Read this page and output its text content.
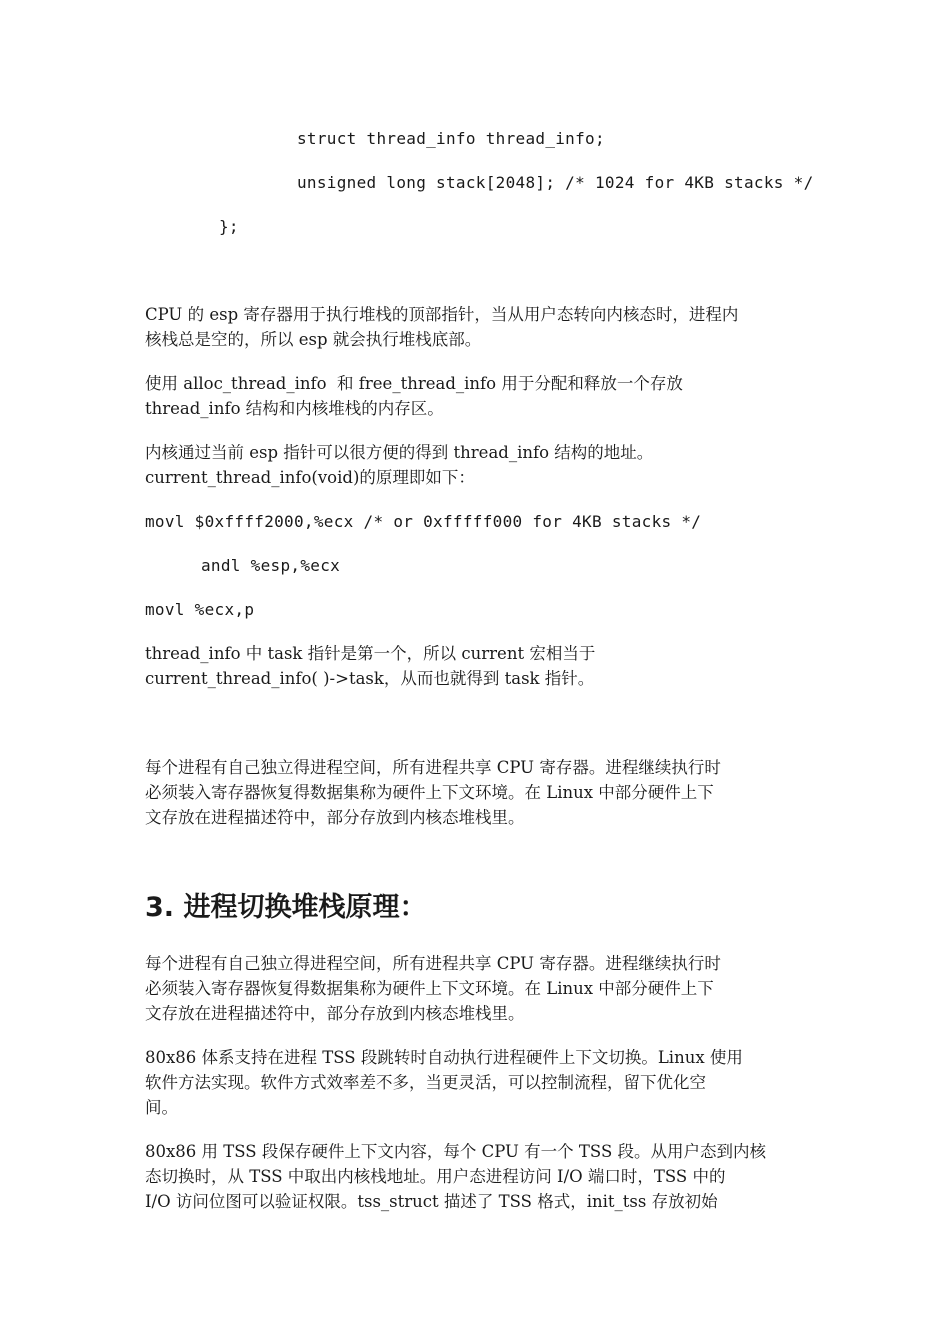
struct thread_info thread_info;

unsigned long stack[2048]; /* 1024 for 4KB stacks */

};

CPU 的 esp 寄存器用于执行堆栈的顶部指针，当从用户态转向内核态时，进程内
核栈总是空的，所以 esp 就会执行堆栈底部。
使用 alloc_thread_info  和 free_thread_info 用于分配和释放一个存放
thread_info 结构和内核堆栈的内存区。
内核通过当前 esp 指针可以很方便的得到 thread_info 结构的地址。
current_thread_info(void)的原理即如下：

movl $0xffff2000,%ecx /* or 0xfffff000 for 4KB stacks */

andl %esp,%ecx

movl %ecx,p

thread_info 中 task 指针是第一个，所以 current 宏相当于
current_thread_info( )->task，从而也就得到 task 指针。
每个进程有自己独立得进程空间，所有进程共享 CPU 寄存器。进程继续执行时
必须装入寄存器恢复得数据集称为硬件上下文环境。在 Linux 中部分硬件上下
文存放在进程描述符中，部分存放到内核态堆栈里。
3. 进程切换堆栈原理：
每个进程有自己独立得进程空间，所有进程共享 CPU 寄存器。进程继续执行时
必须装入寄存器恢复得数据集称为硬件上下文环境。在 Linux 中部分硬件上下
文存放在进程描述符中，部分存放到内核态堆栈里。
80x86 体系支持在进程 TSS 段跳转时自动执行进程硬件上下文切换。Linux 使用
软件方法实现。软件方式效率差不多，当更灵活，可以控制流程，留下优化空
间。
80x86 用 TSS 段保存硬件上下文内容，每个 CPU 有一个 TSS 段。从用户态到内核
态切换时，从 TSS 中取出内核栈地址。用户态进程访问 I/O 端口时，TSS 中的
I/O 访问位图可以验证权限。tss_struct 描述了 TSS 格式，init_tss 存放初始
